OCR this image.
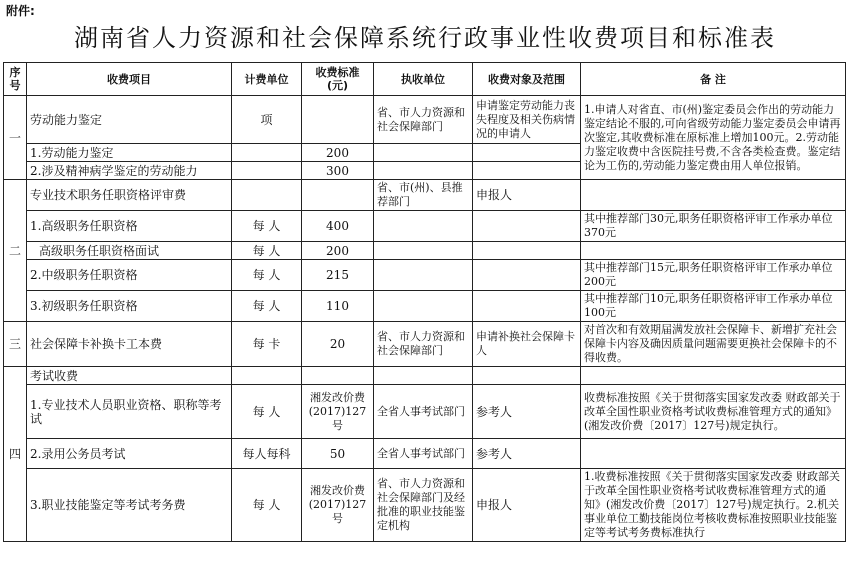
附件:
湖南省人力资源和社会保障系统行政事业性收费项目和标准表
序号	收费项目	计费单位	收费标准(元)	执收单位	收费对象及范围	备 注
一	劳动能力鉴定	项		省、市人力资源和社会保障部门	申请鉴定劳动能力丧失程度及相关伤病情况的申请人	1.申请人对省直、市(州)鉴定委员会作出的劳动能力鉴定结论不服的,可向省级劳动能力鉴定委员会申请再次鉴定,其收费标准在原标准上增加100元。2.劳动能力鉴定收费中含医院挂号费,不含各类检查费。鉴定结论为工伤的,劳动能力鉴定费由用人单位报销。
	1.劳动能力鉴定		200			
	2.涉及精神病学鉴定的劳动能力		300			
二	专业技术职务任职资格评审费			省、市(州)、县推荐部门	申报人	
	1.高级职务任职资格	每 人	400			其中推荐部门30元,职务任职资格评审工作承办单位370元
	高级职务任职资格面试	每 人	200			
	2.中级职务任职资格	每 人	215			其中推荐部门15元,职务任职资格评审工作承办单位200元
	3.初级职务任职资格	每 人	110			其中推荐部门10元,职务任职资格评审工作承办单位100元
三	社会保障卡补换卡工本费	每 卡	20	省、市人力资源和社会保障部门	申请补换社会保障卡人	对首次和有效期届满发放社会保障卡、新增扩充社会保障卡内容及确因质量问题需要更换社会保障卡的不得收费。
四	考试收费					
	1.专业技术人员职业资格、职称等考试	每 人	湘发改价费(2017)127号	全省人事考试部门	参考人	收费标准按照《关于贯彻落实国家发改委 财政部关于改革全国性职业资格考试收费标准管理方式的通知》(湘发改价费〔2017〕127号)规定执行。
	2.录用公务员考试	每人每科	50	全省人事考试部门	参考人	
	3.职业技能鉴定等考试考务费	每 人	湘发改价费(2017)127号	省、市人力资源和社会保障部门及经批准的职业技能鉴定机构	申报人	1.收费标准按照《关于贯彻落实国家发改委 财政部关于改革全国性职业资格考试收费标准管理方式的通知》(湘发改价费〔2017〕127号)规定执行。2.机关事业单位工勤技能岗位考核收费标准按照职业技能鉴定等考试考务费标准执行
